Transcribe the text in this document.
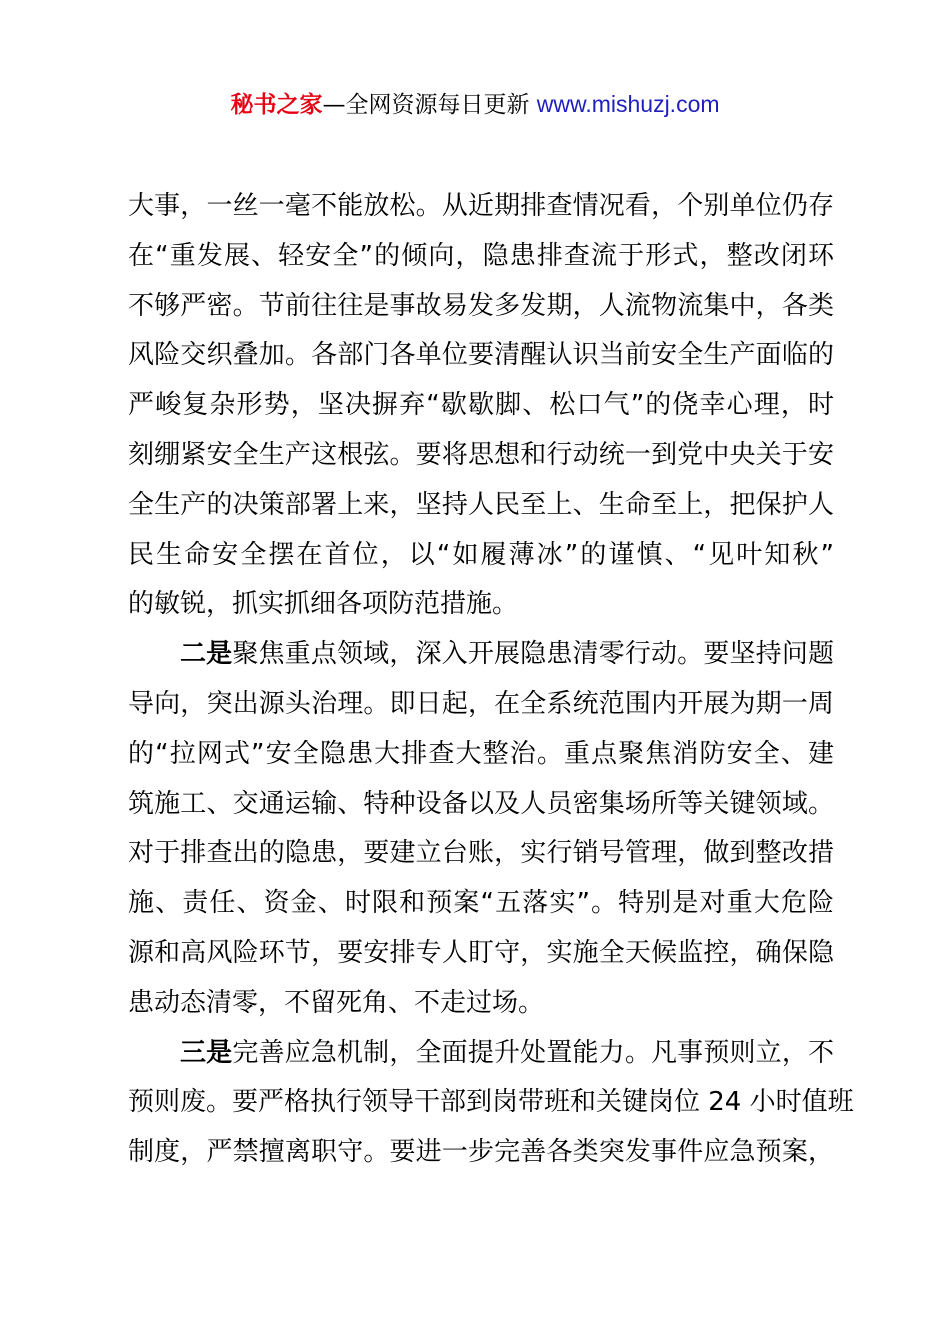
秘书之家—全网资源每日更新 www.mishuzj.com
大事，一丝一毫不能放松。从近期排查情况看，个别单位仍存
在“重发展、轻安全”的倾向，隐患排查流于形式，整改闭环
不够严密。节前往往是事故易发多发期，人流物流集中，各类
风险交织叠加。各部门各单位要清醒认识当前安全生产面临的
严峻复杂形势，坚决摒弃“歇歇脚、松口气”的侥幸心理，时
刻绷紧安全生产这根弦。要将思想和行动统一到党中央关于安
全生产的决策部署上来，坚持人民至上、生命至上，把保护人
民生命安全摆在首位，以“如履薄冰”的谨慎、“见叶知秋”
的敏锐，抓实抓细各项防范措施。
二是聚焦重点领域，深入开展隐患清零行动。要坚持问题
导向，突出源头治理。即日起，在全系统范围内开展为期一周
的“拉网式”安全隐患大排查大整治。重点聚焦消防安全、建
筑施工、交通运输、特种设备以及人员密集场所等关键领域。
对于排查出的隐患，要建立台账，实行销号管理，做到整改措
施、责任、资金、时限和预案“五落实”。特别是对重大危险
源和高风险环节，要安排专人盯守，实施全天候监控，确保隐
患动态清零，不留死角、不走过场。
三是完善应急机制，全面提升处置能力。凡事预则立，不
预则废。要严格执行领导干部到岗带班和关键岗位 24 小时值班
制度，严禁擅离职守。要进一步完善各类突发事件应急预案，
